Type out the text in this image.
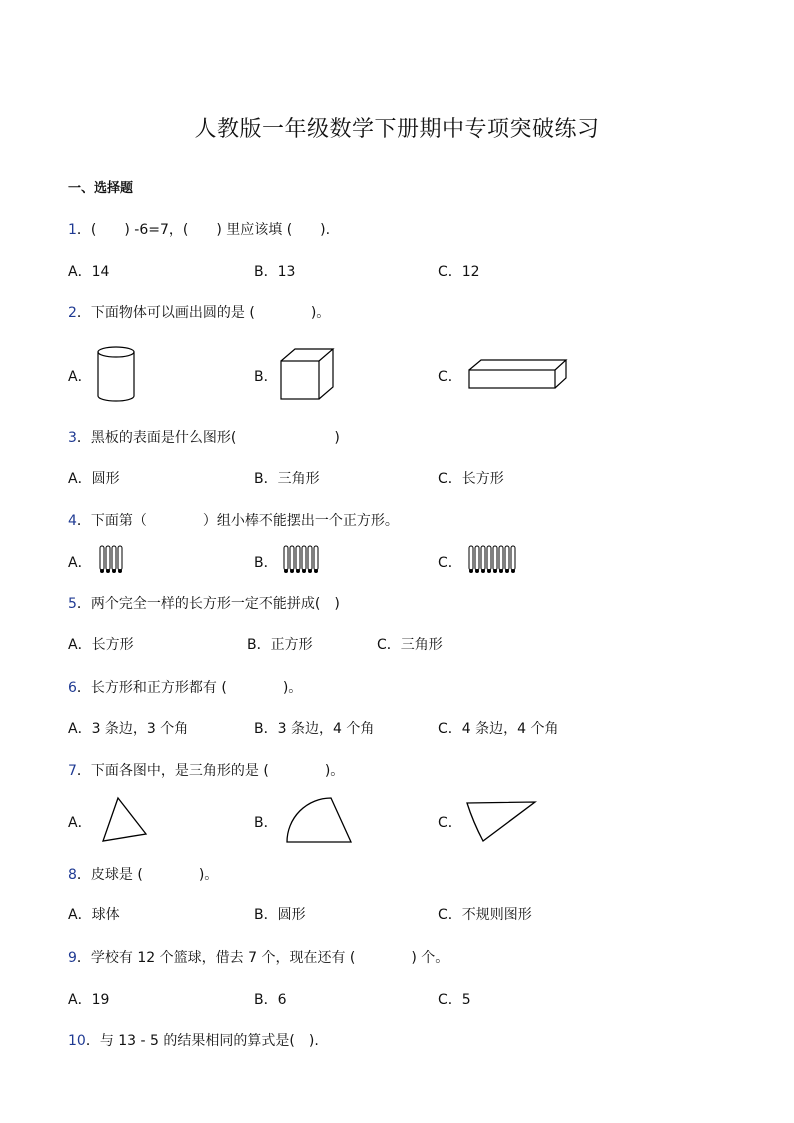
人教版一年级数学下册期中专项突破练习
一、选择题
1．(　　) -6=7，(　　) 里应该填 (　　).
A．14	B．13	C．12
2．下面物体可以画出圆的是 (　　　　)。
A．	B．	C．
3．黑板的表面是什么图形(　　　　　　　)
A．圆形	B．三角形	C．长方形
4．下面第（　　　　）组小棒不能摆出一个正方形。
A．	B．	C．
5．两个完全一样的长方形一定不能拼成(　)
A．长方形	B．正方形	C．三角形
6．长方形和正方形都有 (　　　　)。
A．3 条边，3 个角	B．3 条边，4 个角	C．4 条边，4 个角
7．下面各图中，是三角形的是 (　　　　)。
A．	B．	C．
8．皮球是 (　　　　)。
A．球体	B．圆形	C．不规则图形
9．学校有 12 个篮球，借去 7 个，现在还有 (　　　　) 个。
A．19	B．6	C．5
10．与 13 - 5 的结果相同的算式是(　).
